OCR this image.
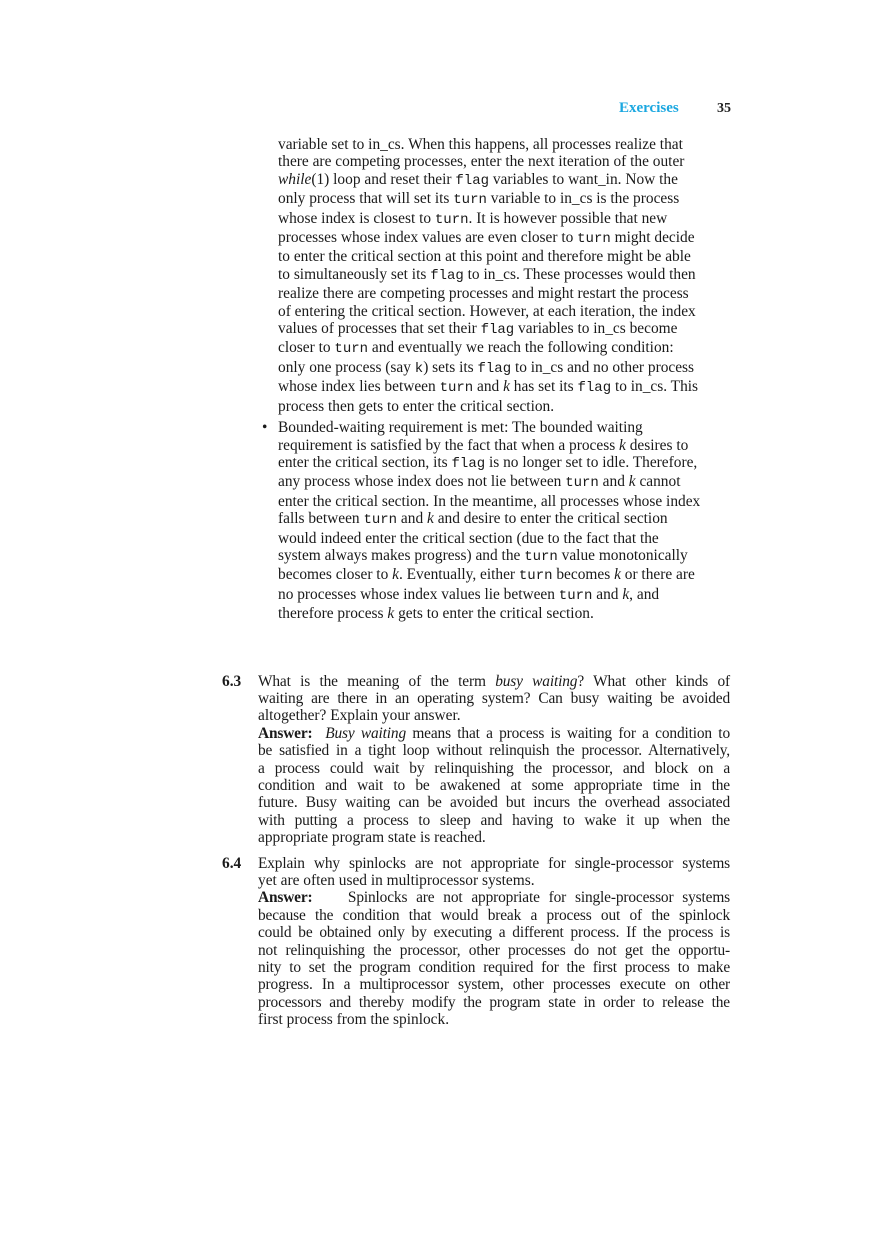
Exercises	35
variable set to in_cs. When this happens, all processes realize that
there are competing processes, enter the next iteration of the outer
while(1) loop and reset their flag variables to want_in. Now the
only process that will set its turn variable to in_cs is the process
whose index is closest to turn. It is however possible that new
processes whose index values are even closer to turn might decide
to enter the critical section at this point and therefore might be able
to simultaneously set its flag to in_cs. These processes would then
realize there are competing processes and might restart the process
of entering the critical section. However, at each iteration, the index
values of processes that set their flag variables to in_cs become
closer to turn and eventually we reach the following condition:
only one process (say k) sets its flag to in_cs and no other process
whose index lies between turn and k has set its flag to in_cs. This
process then gets to enter the critical section.
• Bounded-waiting requirement is met: The bounded waiting
requirement is satisfied by the fact that when a process k desires to
enter the critical section, its flag is no longer set to idle. Therefore,
any process whose index does not lie between turn and k cannot
enter the critical section. In the meantime, all processes whose index
falls between turn and k and desire to enter the critical section
would indeed enter the critical section (due to the fact that the
system always makes progress) and the turn value monotonically
becomes closer to k. Eventually, either turn becomes k or there are
no processes whose index values lie between turn and k, and
therefore process k gets to enter the critical section.
6.3 What is the meaning of the term busy waiting? What other kinds of
waiting are there in an operating system? Can busy waiting be avoided
altogether? Explain your answer.
Answer: Busy waiting means that a process is waiting for a condition to
be satisfied in a tight loop without relinquish the processor. Alternatively,
a process could wait by relinquishing the processor, and block on a
condition and wait to be awakened at some appropriate time in the
future. Busy waiting can be avoided but incurs the overhead associated
with putting a process to sleep and having to wake it up when the
appropriate program state is reached.
6.4 Explain why spinlocks are not appropriate for single-processor systems
yet are often used in multiprocessor systems.
Answer:    Spinlocks are not appropriate for single-processor systems
because the condition that would break a process out of the spinlock
could be obtained only by executing a different process. If the process is
not relinquishing the processor, other processes do not get the opportu-
nity to set the program condition required for the first process to make
progress. In a multiprocessor system, other processes execute on other
processors and thereby modify the program state in order to release the
first process from the spinlock.
